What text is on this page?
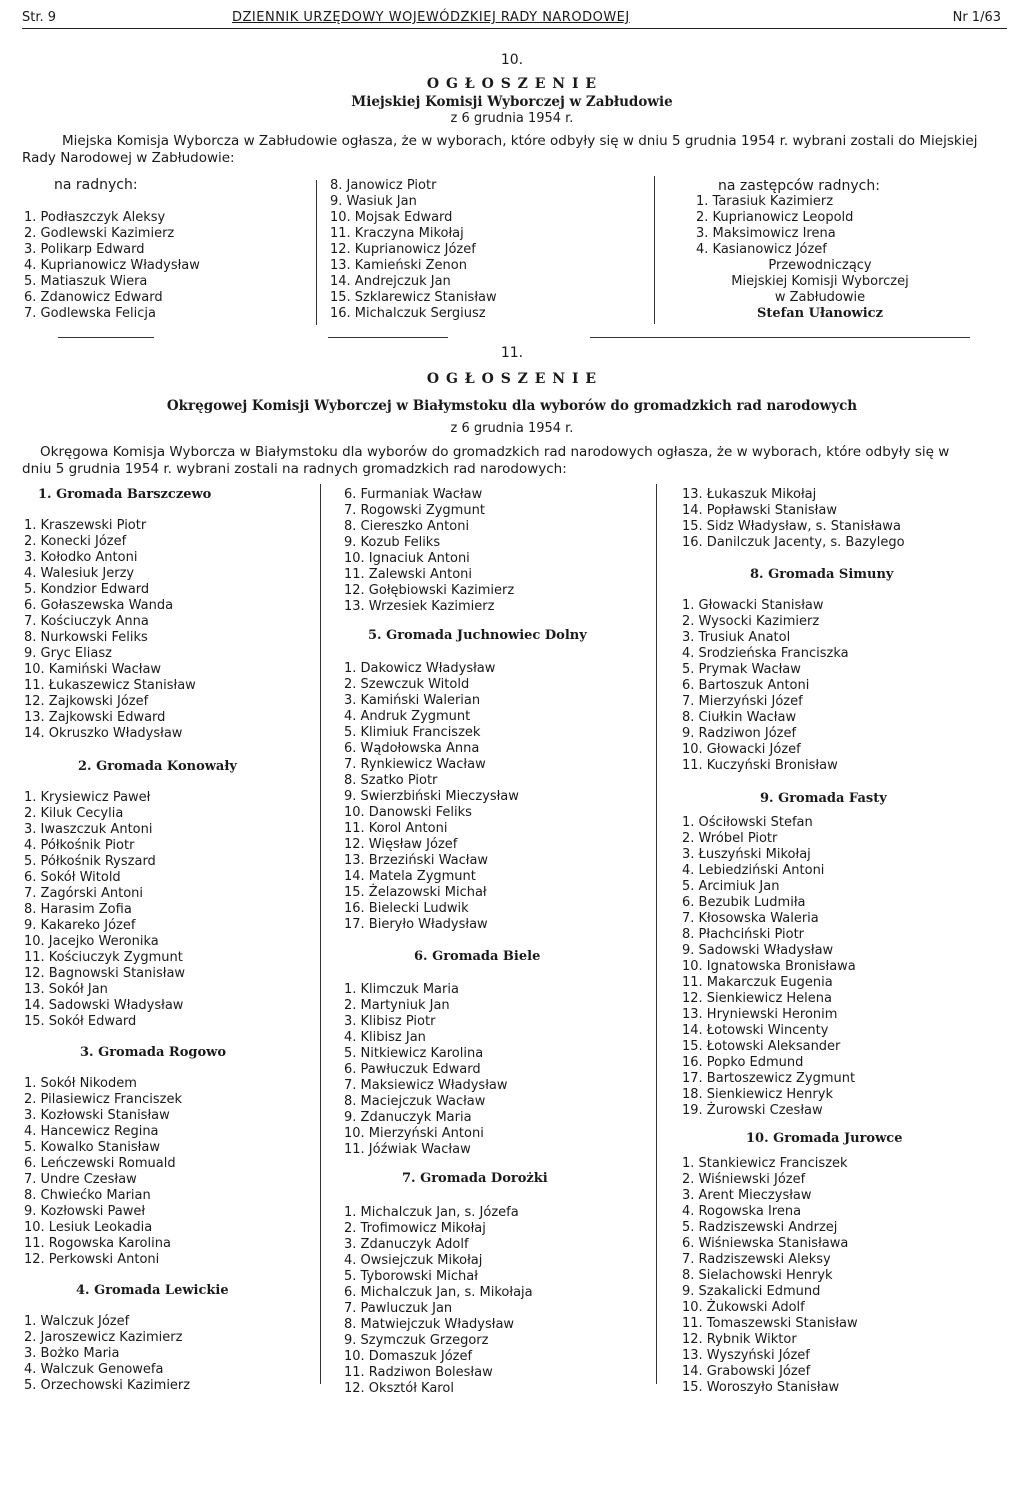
Str. 9	DZIENNIK URZĘDOWY WOJEWÓDZKIEJ RADY NARODOWEJ	Nr 1/63
10.
O G Ł O S Z E N I E
Miejskiej Komisji Wyborczej w Zabłudowie
z 6 grudnia 1954 r.
Miejska Komisja Wyborcza w Zabłudowie ogłasza, że w wyborach, które odbyły się w dniu 5 grudnia 1954 r. wybrani zostali do Miejskiej Rady Narodowej w Zabłudowie:
na radnych:
1. Podłaszczyk Aleksy
2. Godlewski Kazimierz
3. Polikarp Edward
4. Kuprianowicz Władysław
5. Matiaszuk Wiera
6. Zdanowicz Edward
7. Godlewska Felicja
8. Janowicz Piotr
9. Wasiuk Jan
10. Mojsak Edward
11. Kraczyna Mikołaj
12. Kuprianowicz Józef
13. Kamieński Zenon
14. Andrejczuk Jan
15. Szklarewicz Stanisław
16. Michalczuk Sergiusz
na zastępców radnych:
1. Tarasiuk Kazimierz
2. Kuprianowicz Leopold
3. Maksimowicz Irena
4. Kasianowicz Józef
Przewodniczący
Miejskiej Komisji Wyborczej
w Zabłudowie
Stefan Ułanowicz
11.
O G Ł O S Z E N I E
Okręgowej Komisji Wyborczej w Białymstoku dla wyborów do gromadzkich rad narodowych
z 6 grudnia 1954 r.
Okręgowa Komisja Wyborcza w Białymstoku dla wyborów do gromadzkich rad narodowych ogłasza, że w wyborach, które odbyły się w dniu 5 grudnia 1954 r. wybrani zostali na radnych gromadzkich rad narodowych:
1. Gromada Barszczewo
1. Kraszewski Piotr
2. Konecki Józef
3. Kołodko Antoni
4. Walesiuk Jerzy
5. Kondzior Edward
6. Gołaszewska Wanda
7. Kościuczyk Anna
8. Nurkowski Feliks
9. Gryc Eliasz
10. Kamiński Wacław
11. Łukaszewicz Stanisław
12. Zajkowski Józef
13. Zajkowski Edward
14. Okruszko Władysław
2. Gromada Konowały
1. Krysiewicz Paweł
2. Kiluk Cecylia
3. Iwaszczuk Antoni
4. Półkośnik Piotr
5. Półkośnik Ryszard
6. Sokół Witold
7. Zagórski Antoni
8. Harasim Zofia
9. Kakareko Józef
10. Jacejko Weronika
11. Kościuczyk Zygmunt
12. Bagnowski Stanisław
13. Sokół Jan
14. Sadowski Władysław
15. Sokół Edward
3. Gromada Rogowo
1. Sokół Nikodem
2. Pilasiewicz Franciszek
3. Kozłowski Stanisław
4. Hancewicz Regina
5. Kowalko Stanisław
6. Leńczewski Romuald
7. Undre Czesław
8. Chwiećko Marian
9. Kozłowski Paweł
10. Lesiuk Leokadia
11. Rogowska Karolina
12. Perkowski Antoni
4. Gromada Lewickie
1. Walczuk Józef
2. Jaroszewicz Kazimierz
3. Bożko Maria
4. Walczuk Genowefa
5. Orzechowski Kazimierz
6. Furmaniak Wacław
7. Rogowski Zygmunt
8. Ciereszko Antoni
9. Kozub Feliks
10. Ignaciuk Antoni
11. Zalewski Antoni
12. Gołębiowski Kazimierz
13. Wrzesiek Kazimierz
5. Gromada Juchnowiec Dolny
1. Dakowicz Władysław
2. Szewczuk Witold
3. Kamiński Walerian
4. Andruk Zygmunt
5. Klimiuk Franciszek
6. Wądołowska Anna
7. Rynkiewicz Wacław
8. Szatko Piotr
9. Swierzbiński Mieczysław
10. Danowski Feliks
11. Korol Antoni
12. Więsław Józef
13. Brzeziński Wacław
14. Matela Zygmunt
15. Żelazowski Michał
16. Bielecki Ludwik
17. Bieryło Władysław
6. Gromada Biele
1. Klimczuk Maria
2. Martyniuk Jan
3. Klibisz Piotr
4. Klibisz Jan
5. Nitkiewicz Karolina
6. Pawłuczuk Edward
7. Maksiewicz Władysław
8. Maciejczuk Wacław
9. Zdanuczyk Maria
10. Mierzyński Antoni
11. Jóźwiak Wacław
7. Gromada Dorożki
1. Michalczuk Jan, s. Józefa
2. Trofimowicz Mikołaj
3. Zdanuczyk Adolf
4. Owsiejczuk Mikołaj
5. Tyborowski Michał
6. Michalczuk Jan, s. Mikołaja
7. Pawluczuk Jan
8. Matwiejczuk Władysław
9. Szymczuk Grzegorz
10. Domaszuk Józef
11. Radziwon Bolesław
12. Oksztół Karol
13. Łukaszuk Mikołaj
14. Popławski Stanisław
15. Sidz Władysław, s. Stanisława
16. Danilczuk Jacenty, s. Bazylego
8. Gromada Simuny
1. Głowacki Stanisław
2. Wysocki Kazimierz
3. Trusiuk Anatol
4. Srodzieńska Franciszka
5. Prymak Wacław
6. Bartoszuk Antoni
7. Mierzyński Józef
8. Ciułkin Wacław
9. Radziwon Józef
10. Głowacki Józef
11. Kuczyński Bronisław
9. Gromada Fasty
1. Ościłowski Stefan
2. Wróbel Piotr
3. Łuszyński Mikołaj
4. Lebiedziński Antoni
5. Arcimiuk Jan
6. Bezubik Ludmiła
7. Kłosowska Waleria
8. Płachciński Piotr
9. Sadowski Władysław
10. Ignatowska Bronisława
11. Makarczuk Eugenia
12. Sienkiewicz Helena
13. Hryniewski Heronim
14. Łotowski Wincenty
15. Łotowski Aleksander
16. Popko Edmund
17. Bartoszewicz Zygmunt
18. Sienkiewicz Henryk
19. Żurowski Czesław
10. Gromada Jurowce
1. Stankiewicz Franciszek
2. Wiśniewski Józef
3. Arent Mieczysław
4. Rogowska Irena
5. Radziszewski Andrzej
6. Wiśniewska Stanisława
7. Radziszewski Aleksy
8. Sielachowski Henryk
9. Szakalicki Edmund
10. Żukowski Adolf
11. Tomaszewski Stanisław
12. Rybnik Wiktor
13. Wyszyński Józef
14. Grabowski Józef
15. Woroszyło Stanisław
